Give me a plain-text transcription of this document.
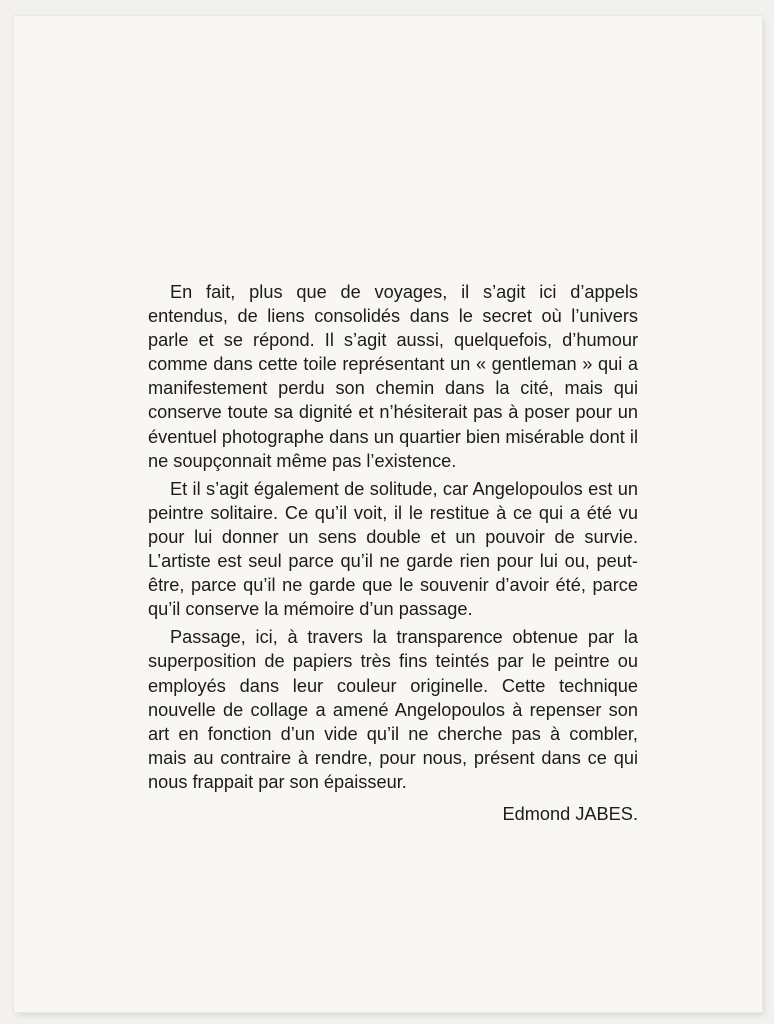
En fait, plus que de voyages, il s’agit ici d’appels entendus, de liens consolidés dans le secret où l’univers parle et se répond. Il s’agit aussi, quelquefois, d’humour comme dans cette toile représentant un « gentleman » qui a manifestement perdu son chemin dans la cité, mais qui conserve toute sa dignité et n’hésiterait pas à poser pour un éventuel photographe dans un quartier bien misérable dont il ne soupçonnait même pas l’existence.

Et il s’agit également de solitude, car Angelopoulos est un peintre solitaire. Ce qu’il voit, il le restitue à ce qui a été vu pour lui donner un sens double et un pouvoir de survie. L’artiste est seul parce qu’il ne garde rien pour lui ou, peut-être, parce qu’il ne garde que le souvenir d’avoir été, parce qu’il conserve la mémoire d’un passage.

Passage, ici, à travers la transparence obtenue par la superposition de papiers très fins teintés par le peintre ou employés dans leur couleur originelle. Cette technique nouvelle de collage a amené Angelopoulos à repenser son art en fonction d’un vide qu’il ne cherche pas à combler, mais au contraire à rendre, pour nous, présent dans ce qui nous frappait par son épaisseur.

Edmond JABES.
